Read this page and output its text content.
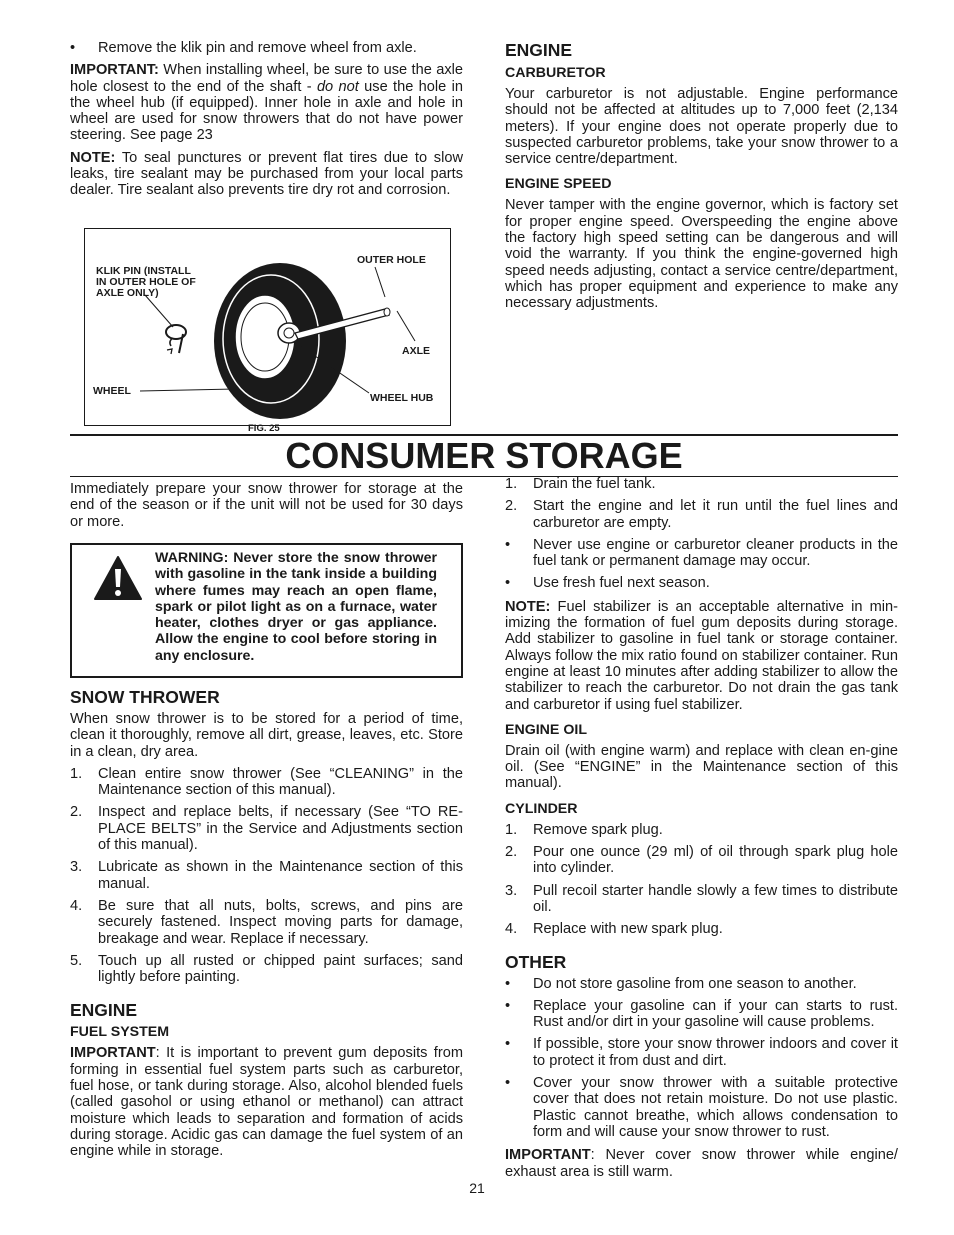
•	Remove the klik pin and remove wheel from axle.

IMPORTANT: When installing wheel, be sure to use the axle hole closest to the end of the shaft - do not use the hole in the wheel hub (if equipped). Inner hole in axle and hole in wheel are used for snow throwers that do not have power steering. See page 23

NOTE: To seal punctures or prevent flat tires due to slow leaks, tire sealant may be purchased from your local parts dealer. Tire sealant also prevents tire dry rot and corrosion.

KLIK PIN (INSTALL
IN OUTER HOLE OF
AXLE ONLY)
OUTER HOLE
AXLE
WHEEL
WHEEL HUB
FIG. 25

ENGINE

CARBURETOR

Your carburetor is not adjustable. Engine performance should not be affected at altitudes up to 7,000 feet (2,134 meters). If your engine does not operate properly due to suspected carburetor problems, take your snow thrower to a service centre/department.

ENGINE SPEED

Never tamper with the engine governor, which is factory set for proper engine speed. Overspeeding the engine above the factory high speed setting can be dangerous and will void the warranty. If you think the engine-governed high speed needs adjusting, contact a service centre/department, which has proper equipment and experience to make any necessary adjustments.

CONSUMER STORAGE

Immediately prepare your snow thrower for storage at the end of the season or if the unit will not be used for 30 days or more.

WARNING: Never store the snow thrower with gasoline in the tank inside a building where fumes may reach an open flame, spark or pilot light as on a furnace, water heater, clothes dryer or gas appliance. Allow the engine to cool before storing in any enclosure.

SNOW THROWER

When snow thrower is to be stored for a period of time, clean it thoroughly, remove all dirt, grease, leaves, etc. Store in a clean, dry area.

1.	Clean entire snow thrower (See “CLEANING” in the Maintenance section of this manual).
2.	Inspect and replace belts, if necessary (See “TO RE-PLACE BELTS” in the Service and Adjustments section of this manual).
3.	Lubricate as shown in the Maintenance section of this manual.
4.	Be sure that all nuts, bolts, screws, and pins are securely fastened. Inspect moving parts for damage, breakage and wear. Replace if necessary.
5.	Touch up all rusted or chipped paint surfaces; sand lightly before painting.

ENGINE

FUEL SYSTEM

IMPORTANT: It is important to prevent gum deposits from forming in essential fuel system parts such as carburetor, fuel hose, or tank during storage. Also, alcohol blended fuels (called gasohol or using ethanol or methanol) can attract moisture which leads to separation and formation of acids during storage. Acidic gas can damage the fuel system of an engine while in storage.

1.	Drain the fuel tank.
2.	Start the engine and let it run until the fuel lines and carburetor are empty.
•	Never use engine or carburetor cleaner products in the fuel tank or permanent damage may occur.
•	Use fresh fuel next season.

NOTE: Fuel stabilizer is an acceptable alternative in min-imizing the formation of fuel gum deposits during storage. Add stabilizer to gasoline in fuel tank or storage container. Always follow the mix ratio found on stabilizer container. Run engine at least 10 minutes after adding stabilizer to allow the stabilizer to reach the carburetor. Do not drain the gas tank and carburetor if using fuel stabilizer.

ENGINE OIL

Drain oil (with engine warm) and replace with clean en-gine oil. (See “ENGINE” in the Maintenance section of this manual).

CYLINDER

1.	Remove spark plug.
2.	Pour one ounce (29 ml) of oil through spark plug hole into cylinder.
3.	Pull recoil starter handle slowly a few times to distribute oil.
4.	Replace with new spark plug.

OTHER

•	Do not store gasoline from one season to another.
•	Replace your gasoline can if your can starts to rust. Rust and/or dirt in your gasoline will cause problems.
•	If possible, store your snow thrower indoors and cover it to protect it from dust and dirt.
•	Cover your snow thrower with a suitable protective cover that does not retain moisture. Do not use plastic. Plastic cannot breathe, which allows condensation to form and will cause your snow thrower to rust.

IMPORTANT: Never cover snow thrower while engine/ exhaust area is still warm.

21
